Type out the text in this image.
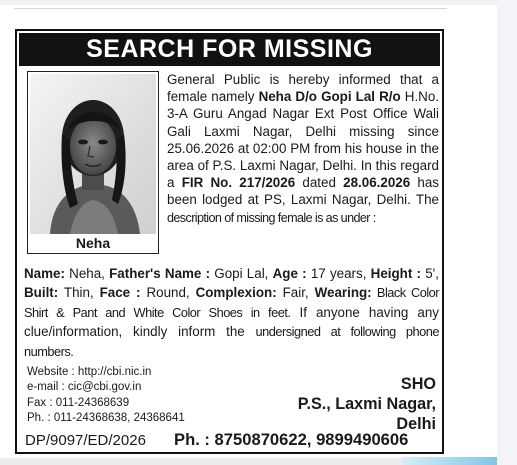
SEARCH FOR MISSING
Neha

General Public is hereby informed that a female namely Neha D/o Gopi Lal R/o H.No. 3-A Guru Angad Nagar Ext Post Office Wali Gali Laxmi Nagar, Delhi missing since 25.06.2026 at 02:00 PM from his house in the area of P.S. Laxmi Nagar, Delhi. In this regard a FIR No. 217/2026 dated 28.06.2026 has been lodged at PS, Laxmi Nagar, Delhi. The description of missing female is as under :

Name: Neha, Father's Name : Gopi Lal, Age : 17 years, Height : 5', Built: Thin, Face : Round, Complexion: Fair, Wearing: Black Color Shirt & Pant and White Color Shoes in feet. If anyone having any clue/information, kindly inform the undersigned at following phone numbers.

Website : http://cbi.nic.in
e-mail : cic@cbi.gov.in
Fax : 011-24368639
Ph. : 011-24368638, 24368641
SHO
P.S., Laxmi Nagar,
Delhi
DP/9097/ED/2026 Ph. : 8750870622, 9899490606
